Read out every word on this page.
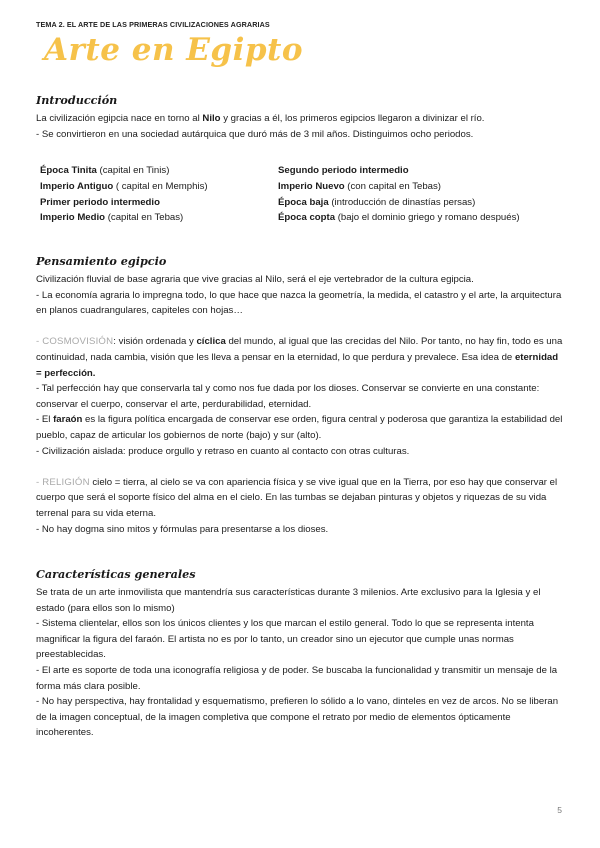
TEMA 2. EL ARTE DE LAS PRIMERAS CIVILIZACIONES AGRARIAS
Arte en Egipto
Introducción

La civilización egipcia nace en torno al Nilo y gracias a él, los primeros egipcios llegaron a divinizar el río.

- Se convirtieron en una sociedad autárquica que duró más de 3 mil años. Distinguimos ocho periodos.

Época Tinita (capital en Tinis)
Imperio Antiguo ( capital en Memphis)
Primer periodo intermedio
Imperio Medio (capital en Tebas)
Segundo periodo intermedio
Imperio Nuevo (con capital en Tebas)
Época baja (introducción de dinastías persas)
Época copta (bajo el dominio griego y romano después)
Pensamiento egipcio

Civilización fluvial de base agraria que vive gracias al Nilo, será el eje vertebrador de la cultura egipcia.

- La economía agraria lo impregna todo, lo que hace que nazca la geometría, la medida, el catastro y el arte, la arquitectura en planos cuadrangulares, capiteles con hojas…

- COSMOVISIÓN: visión ordenada y cíclica del mundo, al igual que las crecidas del Nilo. Por tanto, no hay fin, todo es una continuidad, nada cambia, visión que les lleva a pensar en la eternidad, lo que perdura y prevalece. Esa idea de eternidad = perfección.

- Tal perfección hay que conservarla tal y como nos fue dada por los dioses. Conservar se convierte en una constante: conservar el cuerpo, conservar el arte, perdurabilidad, eternidad.

- El faraón es la figura política encargada de conservar ese orden, figura central y poderosa que garantiza la estabilidad del pueblo, capaz de articular los gobiernos de norte (bajo) y sur (alto).

- Civilización aislada: produce orgullo y retraso en cuanto al contacto con otras culturas.

- RELIGIÓN cielo = tierra, al cielo se va con apariencia física y se vive igual que en la Tierra, por eso hay que conservar el cuerpo que será el soporte físico del alma en el cielo. En las tumbas se dejaban pinturas y objetos y riquezas de su vida terrenal para su vida eterna.

- No hay dogma sino mitos y fórmulas para presentarse a los dioses.

Características generales

Se trata de un arte inmovilista que mantendría sus características durante 3 milenios. Arte exclusivo para la Iglesia y el estado (para ellos son lo mismo)

- Sistema clientelar, ellos son los únicos clientes y los que marcan el estilo general. Todo lo que se representa intenta magnificar la figura del faraón. El artista no es por lo tanto, un creador sino un ejecutor que cumple unas normas preestablecidas.

- El arte es soporte de toda una iconografía religiosa y de poder. Se buscaba la funcionalidad y transmitir un mensaje de la forma más clara posible.

- No hay perspectiva, hay frontalidad y esquematismo, prefieren lo sólido a lo vano, dinteles en vez de arcos. No se liberan de la imagen conceptual, de la imagen completiva que compone el retrato por medio de elementos ópticamente incoherentes.

5
